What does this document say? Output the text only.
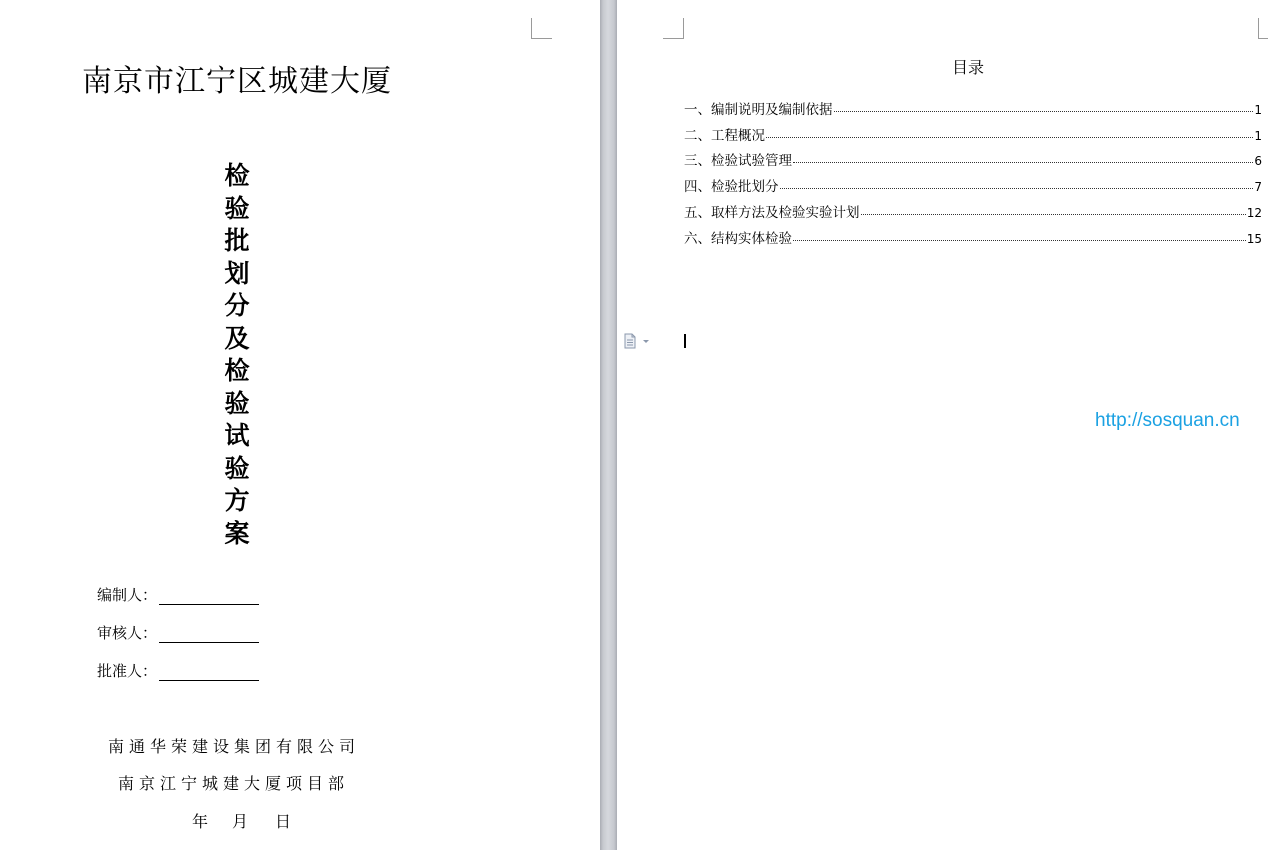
南京市江宁区城建大厦
检
验
批
划
分
及
检
验
试
验
方
案
编制人：
审核人：
批准人：
南通华荣建设集团有限公司
南京江宁城建大厦项目部
年 月 日
目录
一、编制说明及编制依据	1
二、工程概况	1
三、检验试验管理	6
四、检验批划分	7
五、取样方法及检验实验计划	12
六、结构实体检验	15
http://sosquan.cn
